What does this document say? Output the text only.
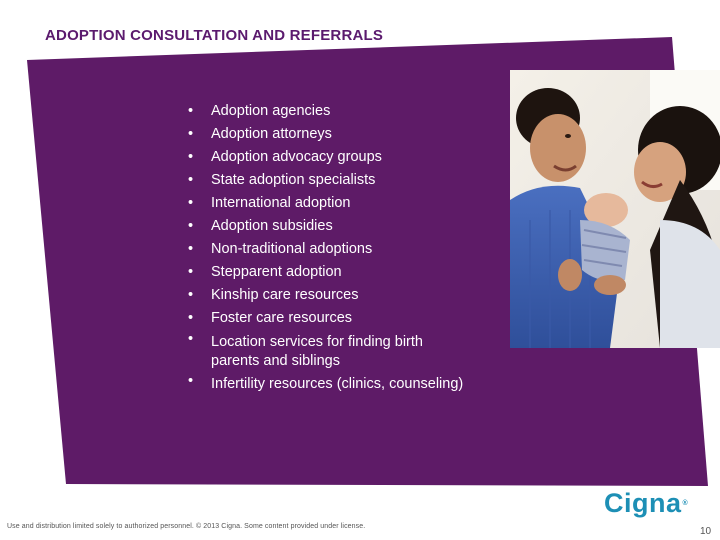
ADOPTION CONSULTATION AND REFERRALS
• Adoption agencies
• Adoption attorneys
• Adoption advocacy groups
• State adoption specialists
• International adoption
• Adoption subsidies
• Non-traditional adoptions
• Stepparent adoption
• Kinship care resources
• Foster care resources
• Location services for finding birth parents and siblings
• Infertility resources (clinics, counseling)
Use and distribution limited solely to authorized personnel. © 2013 Cigna. Some content provided under license.
Cigna®
10
